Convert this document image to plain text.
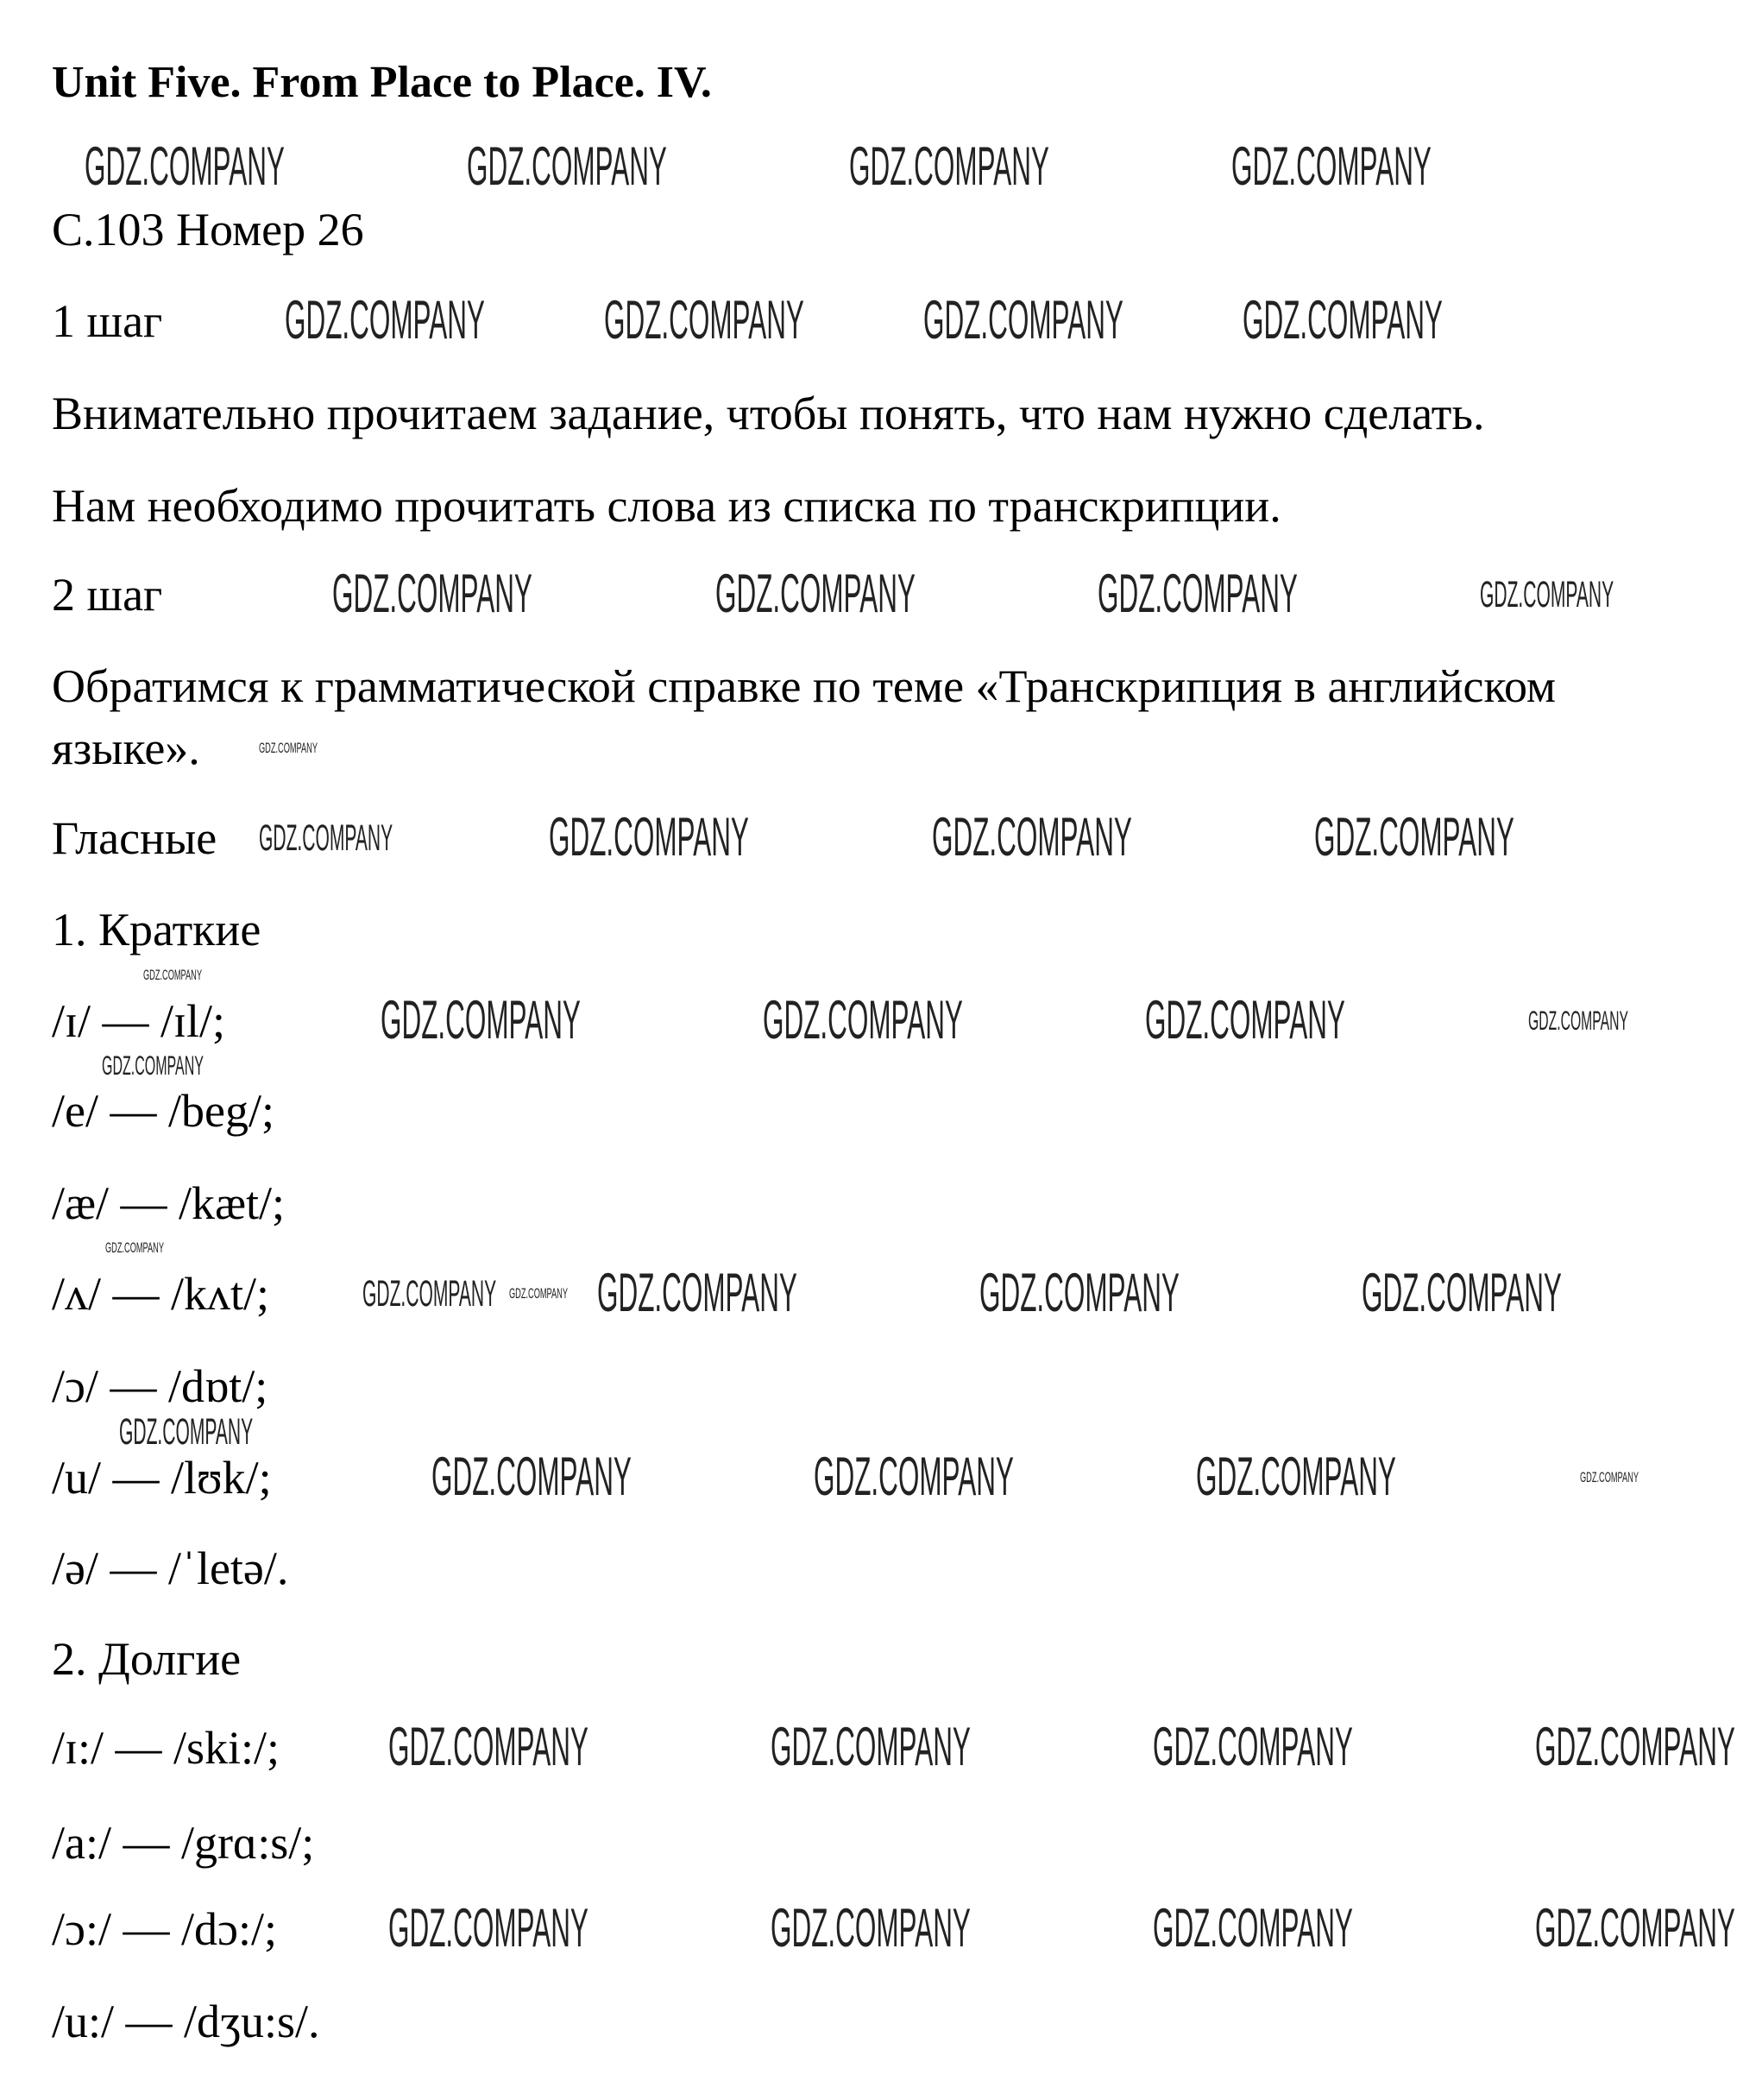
Unit Five. From Place to Place. IV.
С.103 Номер 26
1 шаг
Внимательно прочитаем задание, чтобы понять, что нам нужно сделать.
Нам необходимо прочитать слова из списка по транскрипции.
2 шаг
Обратимся к грамматической справке по теме «Транскрипция в английском
языке».
Гласные
1. Краткие
/ɪ/ — /ɪl/;
/e/ — /beg/;
/æ/ — /kæt/;
/ʌ/ — /kʌt/;
/ɔ/ — /dɒt/;
/u/ — /lʊk/;
/ə/ — /ˈletə/.
2. Долгие
/ɪ:/ — /ski:/;
/a:/ — /grɑ:s/;
/ɔ:/ — /dɔ:/;
/u:/ — /dʒu:s/.
GDZ.COMPANY	GDZ.COMPANY	GDZ.COMPANY	GDZ.COMPANY
GDZ.COMPANY GDZ.COMPANY GDZ.COMPANY GDZ.COMPANY
GDZ.COMPANY	GDZ.COMPANY	GDZ.COMPANY	GDZ.COMPANY
GDZ.COMPANY
GDZ.COMPANY	GDZ.COMPANY	GDZ.COMPANY	GDZ.COMPANY
GDZ.COMPANY
GDZ.COMPANY	GDZ.COMPANY	GDZ.COMPANY	GDZ.COMPANY
GDZ.COMPANY
GDZ.COMPANY
GDZ.COMPANY GDZ.COMPANY GDZ.COMPANY	GDZ.COMPANY	GDZ.COMPANY
GDZ.COMPANY
GDZ.COMPANY	GDZ.COMPANY	GDZ.COMPANY	GDZ.COMPANY
GDZ.COMPANY	GDZ.COMPANY	GDZ.COMPANY	GDZ.COMPANY
GDZ.COMPANY	GDZ.COMPANY	GDZ.COMPANY	GDZ.COMPANY
